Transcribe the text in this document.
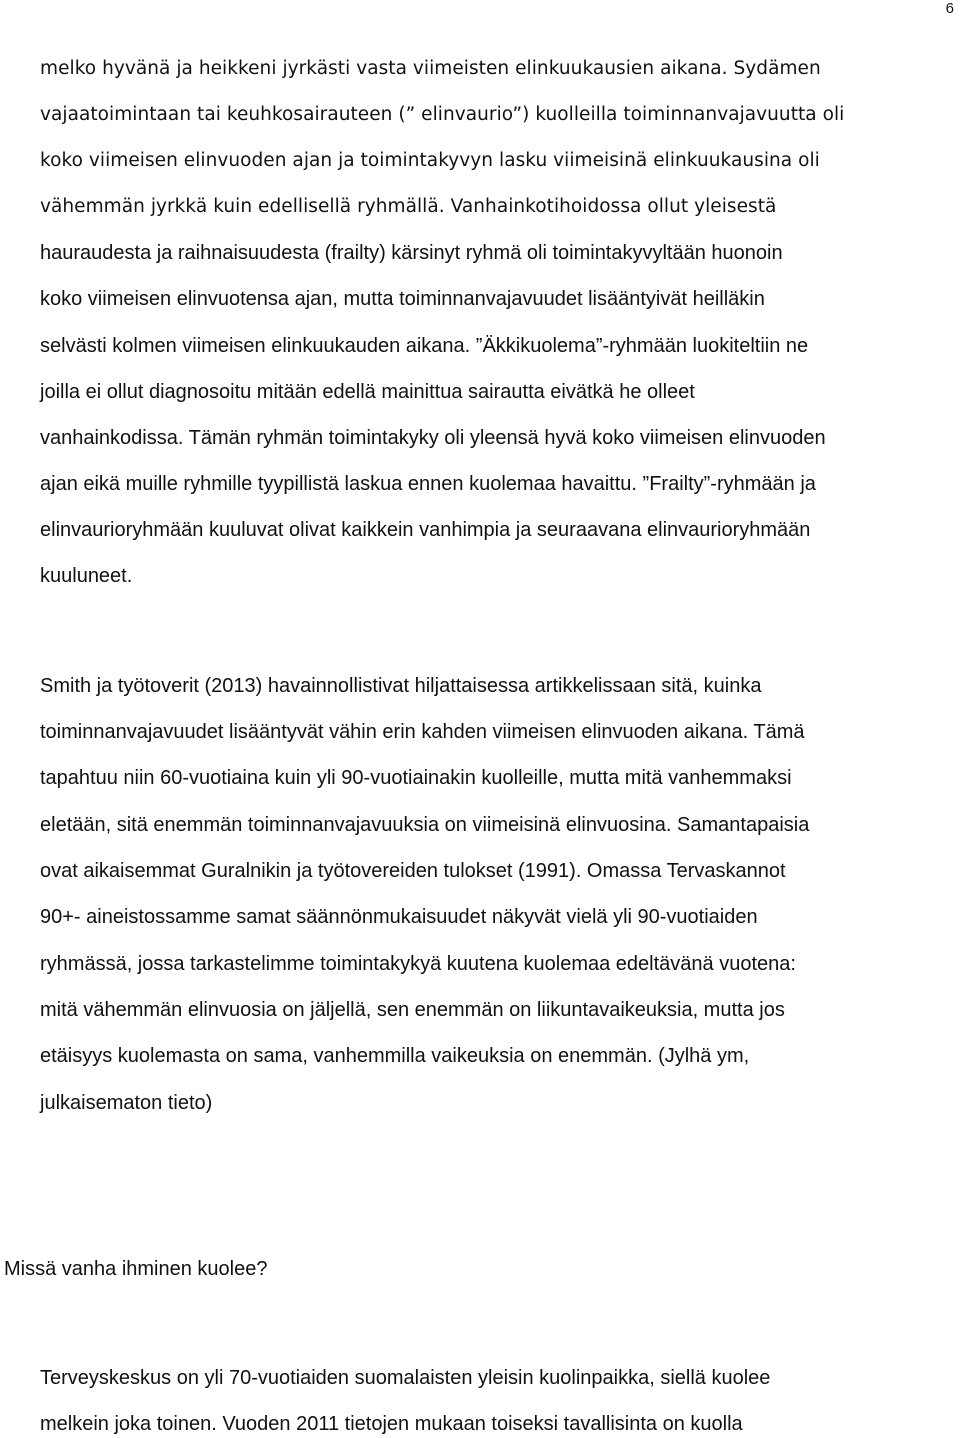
6
melko hyvänä ja heikkeni jyrkästi vasta viimeisten elinkuukausien aikana. Sydämen
vajaatoimintaan tai keuhkosairauteen (” elinvaurio”) kuolleilla toiminnanvajavuutta oli
koko viimeisen elinvuoden ajan ja toimintakyvyn lasku viimeisinä elinkuukausina oli
vähemmän jyrkkä kuin edellisellä ryhmällä. Vanhainkotihoidossa ollut yleisestä
hauraudesta ja raihnaisuudesta (frailty) kärsinyt ryhmä oli toimintakyvyltään huonoin
koko viimeisen elinvuotensa ajan, mutta toiminnanvajavuudet lisääntyivät heilläkin
selvästi kolmen viimeisen elinkuukauden aikana. ”Äkkikuolema”-ryhmään luokiteltiin ne
joilla ei ollut diagnosoitu mitään edellä mainittua sairautta eivätkä he olleet
vanhainkodissa. Tämän ryhmän toimintakyky oli yleensä hyvä koko viimeisen elinvuoden
ajan eikä muille ryhmille tyypillistä laskua ennen kuolemaa havaittu. ”Frailty”-ryhmään ja
elinvaurioryhmään kuuluvat olivat kaikkein vanhimpia ja seuraavana elinvaurioryhmään
kuuluneet.
Smith ja työtoverit (2013) havainnollistivat hiljattaisessa artikkelissaan sitä, kuinka
toiminnanvajavuudet lisääntyvät vähin erin kahden viimeisen elinvuoden aikana. Tämä
tapahtuu niin 60-vuotiaina kuin yli 90-vuotiainakin kuolleille, mutta mitä vanhemmaksi
eletään, sitä enemmän toiminnanvajavuuksia on viimeisinä elinvuosina. Samantapaisia
ovat aikaisemmat Guralnikin ja työtovereiden tulokset (1991). Omassa Tervaskannot
90+- aineistossamme samat säännönmukaisuudet näkyvät vielä yli 90-vuotiaiden
ryhmässä, jossa tarkastelimme toimintakykyä kuutena kuolemaa edeltävänä vuotena:
mitä vähemmän elinvuosia on jäljellä, sen enemmän on liikuntavaikeuksia, mutta jos
etäisyys kuolemasta on sama, vanhemmilla vaikeuksia on enemmän. (Jylhä ym,
julkaisematon tieto)
Missä vanha ihminen kuolee?
Terveyskeskus on yli 70-vuotiaiden suomalaisten yleisin kuolinpaikka, siellä kuolee
melkein joka toinen. Vuoden 2011 tietojen mukaan toiseksi tavallisinta on kuolla
